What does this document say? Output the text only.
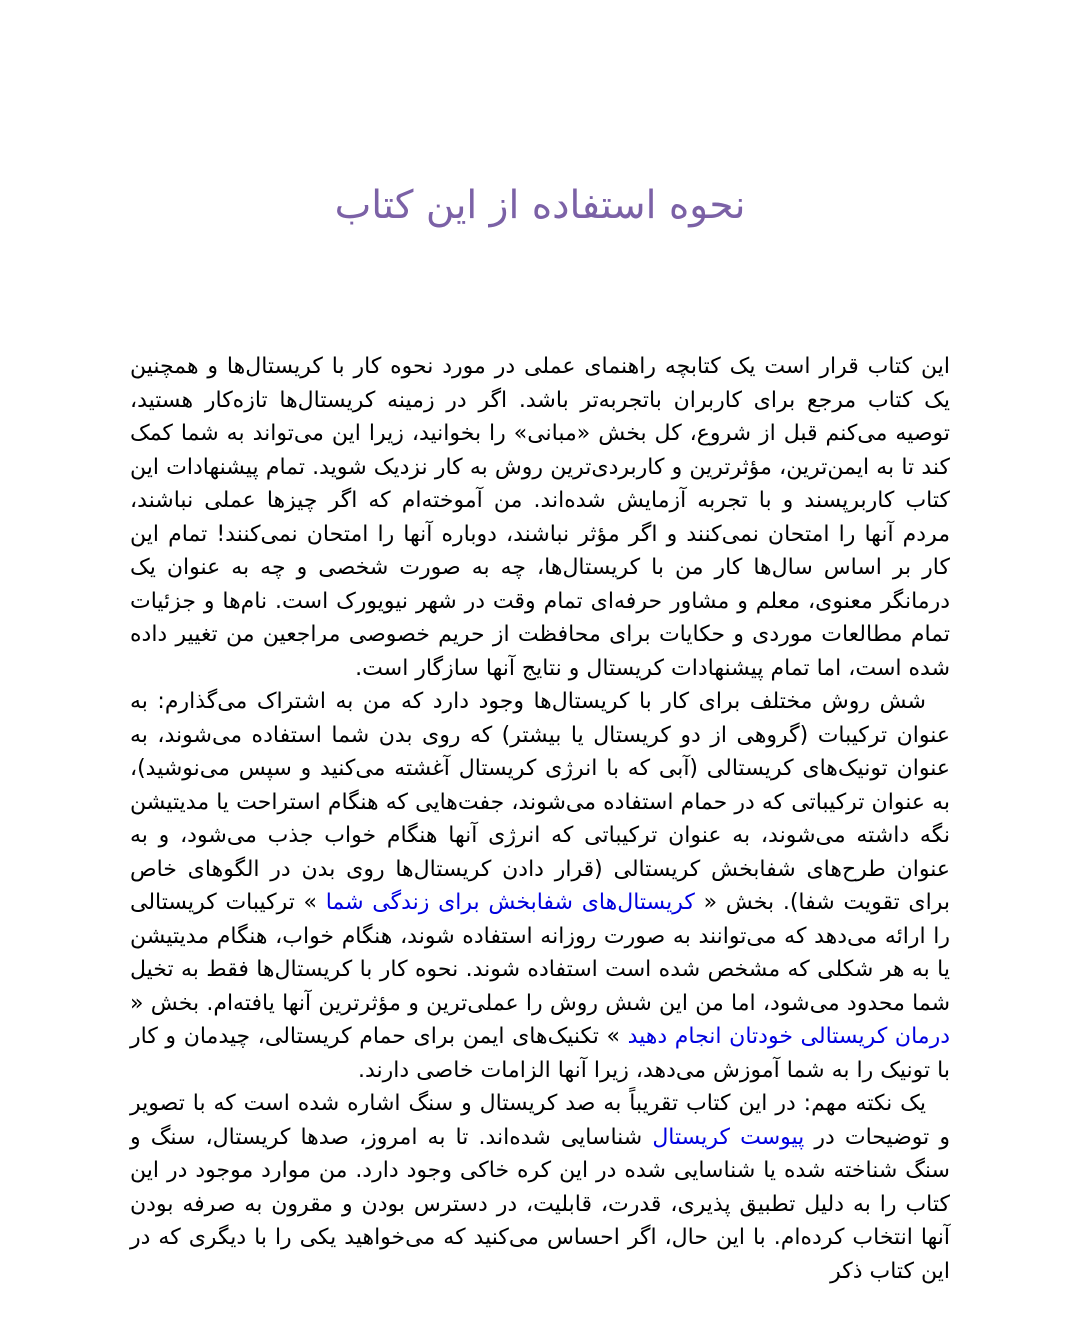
نحوه استفاده از این کتاب

این کتاب قرار است یک کتابچه راهنمای عملی در مورد نحوه کار با کریستال‌ها و همچنین یک کتاب مرجع برای کاربران باتجربه‌تر باشد. اگر در زمینه کریستال‌ها تازه‌کار هستید، توصیه می‌کنم قبل از شروع، کل بخش «مبانی» را بخوانید، زیرا این می‌تواند به شما کمک کند تا به ایمن‌ترین، مؤثرترین و کاربردی‌ترین روش به کار نزدیک شوید. تمام پیشنهادات این کتاب کاربرپسند و با تجربه آزمایش شده‌اند. من آموخته‌ام که اگر چیزها عملی نباشند، مردم آنها را امتحان نمی‌کنند و اگر مؤثر نباشند، دوباره آنها را امتحان نمی‌کنند! تمام این کار بر اساس سال‌ها کار من با کریستال‌ها، چه به صورت شخصی و چه به عنوان یک درمانگر معنوی، معلم و مشاور حرفه‌ای تمام وقت در شهر نیویورک است. نام‌ها و جزئیات تمام مطالعات موردی و حکایات برای محافظت از حریم خصوصی مراجعین من تغییر داده شده است، اما تمام پیشنهادات کریستال و نتایج آنها سازگار است.

شش روش مختلف برای کار با کریستال‌ها وجود دارد که من به اشتراک می‌گذارم: به عنوان ترکیبات (گروهی از دو کریستال یا بیشتر) که روی بدن شما استفاده می‌شوند، به عنوان تونیک‌های کریستالی (آبی که با انرژی کریستال آغشته می‌کنید و سپس می‌نوشید)، به عنوان ترکیباتی که در حمام استفاده می‌شوند، جفت‌هایی که هنگام استراحت یا مدیتیشن نگه داشته می‌شوند، به عنوان ترکیباتی که انرژی آنها هنگام خواب جذب می‌شود، و به عنوان طرح‌های شفابخش کریستالی (قرار دادن کریستال‌ها روی بدن در الگوهای خاص برای تقویت شفا). بخش « کریستال‌های شفابخش برای زندگی شما » ترکیبات کریستالی را ارائه می‌دهد که می‌توانند به صورت روزانه استفاده شوند، هنگام خواب، هنگام مدیتیشن یا به هر شکلی که مشخص شده است استفاده شوند. نحوه کار با کریستال‌ها فقط به تخیل شما محدود می‌شود، اما من این شش روش را عملی‌ترین و مؤثرترین آنها یافته‌ام. بخش « درمان کریستالی خودتان انجام دهید » تکنیک‌های ایمن برای حمام کریستالی، چیدمان و کار با تونیک را به شما آموزش می‌دهد، زیرا آنها الزامات خاصی دارند.

یک نکته مهم: در این کتاب تقریباً به صد کریستال و سنگ اشاره شده است که با تصویر و توضیحات در پیوست کریستال شناسایی شده‌اند. تا به امروز، صدها کریستال، سنگ و سنگ شناخته شده یا شناسایی شده در این کره خاکی وجود دارد. من موارد موجود در این کتاب را به دلیل تطبیق پذیری، قدرت، قابلیت، در دسترس بودن و مقرون به صرفه بودن آنها انتخاب کرده‌ام. با این حال، اگر احساس می‌کنید که می‌خواهید یکی را با دیگری که در این کتاب ذکر
